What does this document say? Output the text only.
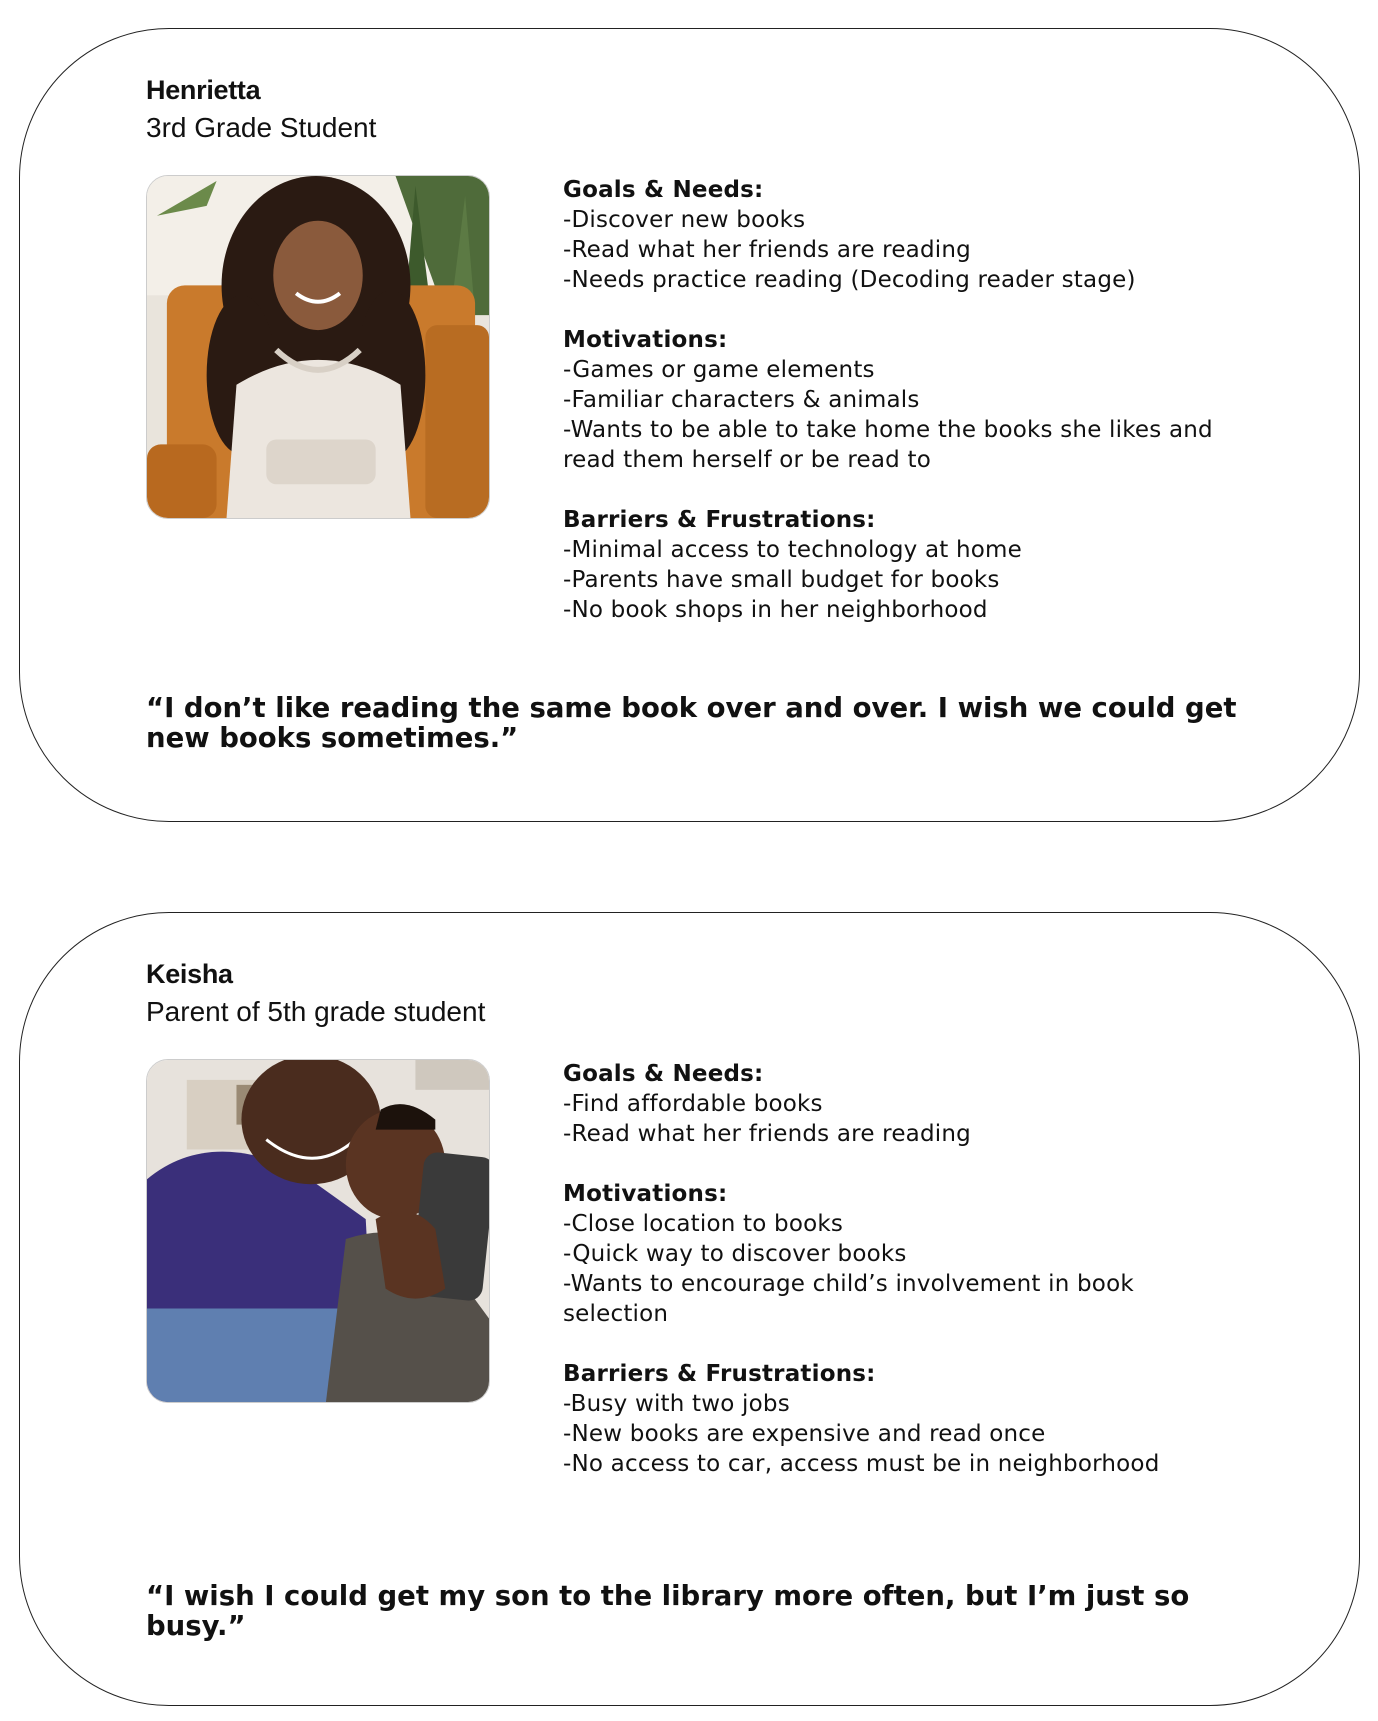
Henrietta

3rd Grade Student

Goals & Needs:
-Discover new books
-Read what her friends are reading
-Needs practice reading (Decoding reader stage)
Motivations:
-Games or game elements
-Familiar characters & animals
-Wants to be able to take home the books she likes and read them herself or be read to
Barriers & Frustrations:
-Minimal access to technology at home
-Parents have small budget for books
-No book shops in her neighborhood

“I don’t like reading the same book over and over. I wish we could get new books sometimes.”

Keisha

Parent of 5th grade student

Goals & Needs:
-Find affordable books
-Read what her friends are reading
Motivations:
-Close location to books
-Quick way to discover books
-Wants to encourage child’s involvement in book selection
Barriers & Frustrations:
-Busy with two jobs
-New books are expensive and read once
-No access to car, access must be in neighborhood

“I wish I could get my son to the library more often, but I’m just so busy.”
